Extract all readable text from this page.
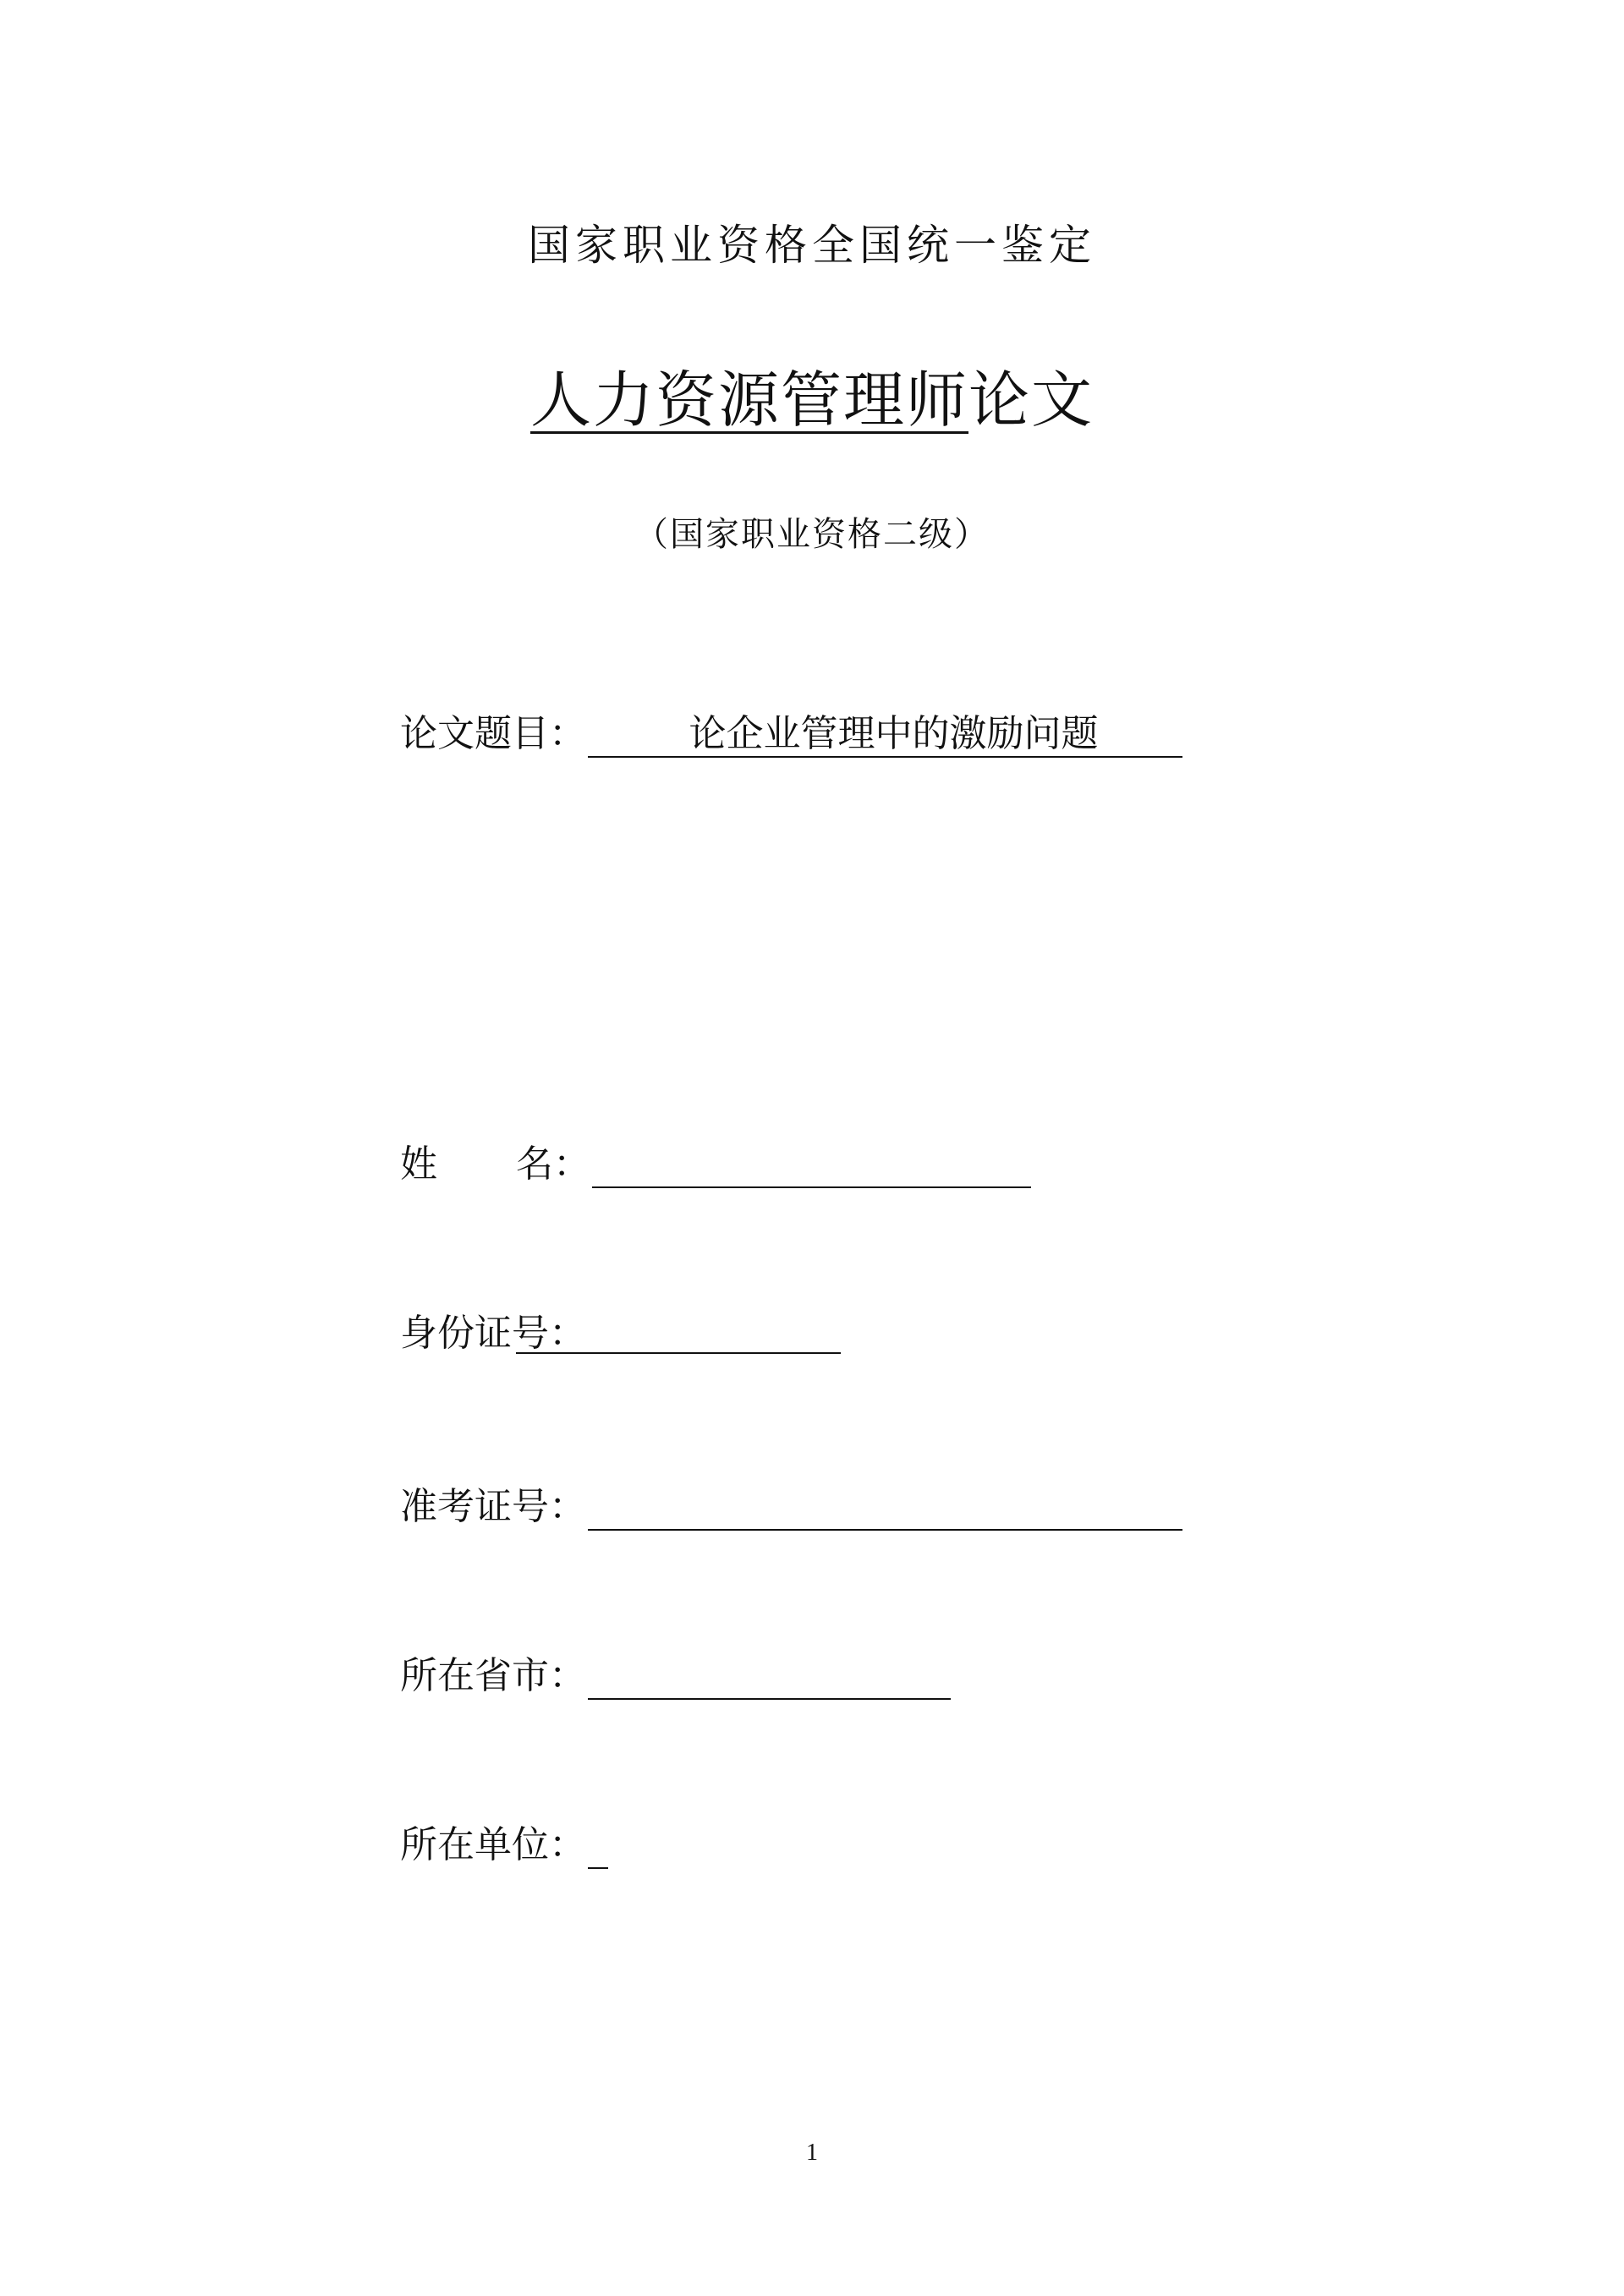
国家职业资格全国统一鉴定
人力资源管理师论文
（国家职业资格二级）
论文题目：	论企业管理中的激励问题
姓 名：
身份证号：
准考证号：
所在省市：
所在单位：
1
